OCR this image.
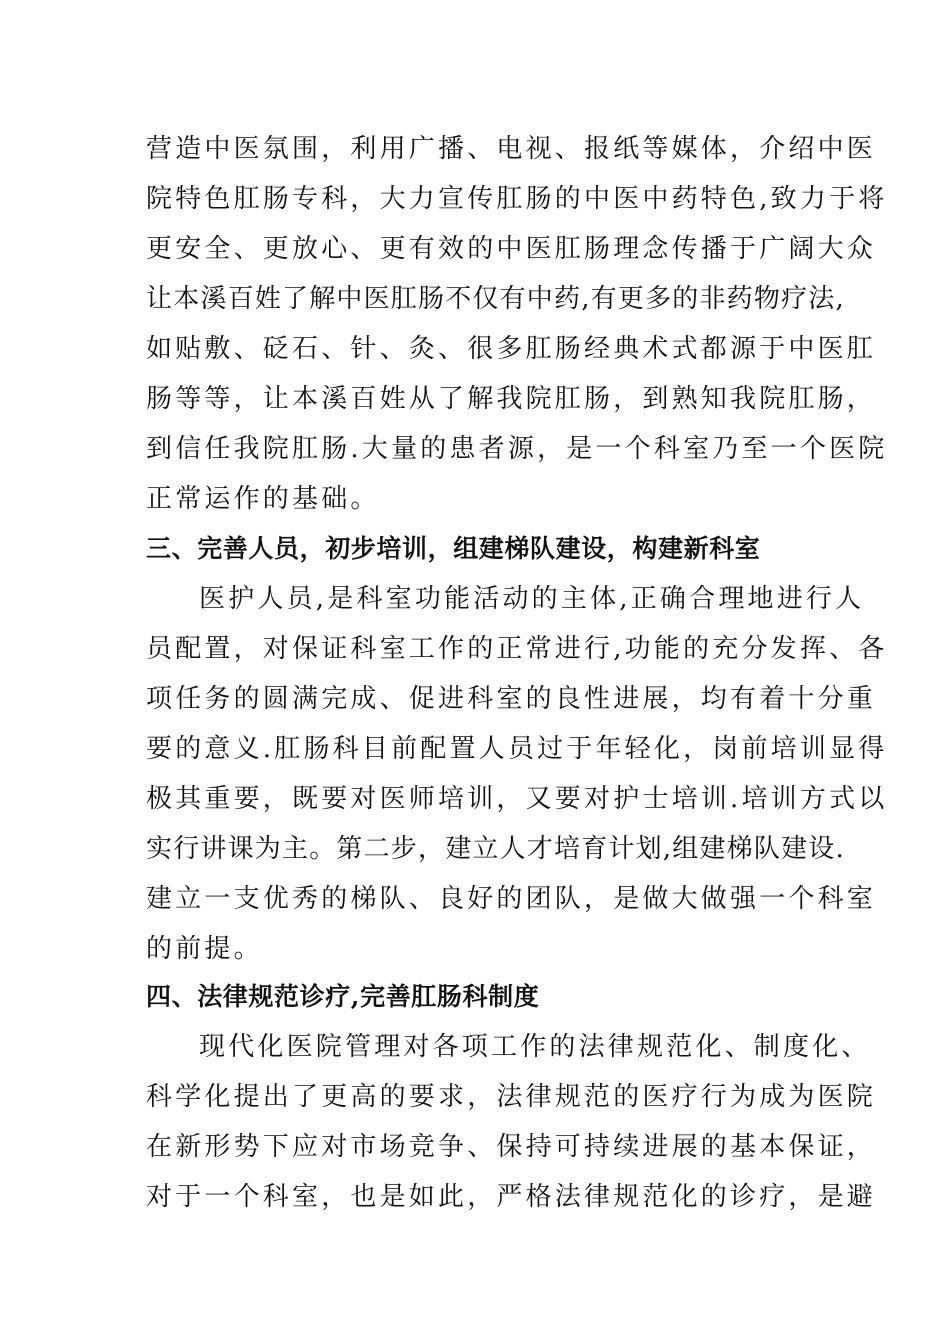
营造中医氛围，利用广播、电视、报纸等媒体，介绍中医
院特色肛肠专科，大力宣传肛肠的中医中药特色,致力于将
更安全、更放心、更有效的中医肛肠理念传播于广阔大众
让本溪百姓了解中医肛肠不仅有中药,有更多的非药物疗法,
如贴敷、砭石、针、灸、很多肛肠经典术式都源于中医肛
肠等等，让本溪百姓从了解我院肛肠，到熟知我院肛肠，
到信任我院肛肠.大量的患者源，是一个科室乃至一个医院
正常运作的基础。
三、完善人员，初步培训，组建梯队建设，构建新科室
医护人员,是科室功能活动的主体,正确合理地进行人
员配置，对保证科室工作的正常进行,功能的充分发挥、各
项任务的圆满完成、促进科室的良性进展，均有着十分重
要的意义.肛肠科目前配置人员过于年轻化，岗前培训显得
极其重要，既要对医师培训，又要对护士培训.培训方式以
实行讲课为主。第二步，建立人才培育计划,组建梯队建设.
建立一支优秀的梯队、良好的团队，是做大做强一个科室
的前提。
四、法律规范诊疗,完善肛肠科制度
现代化医院管理对各项工作的法律规范化、制度化、
科学化提出了更高的要求，法律规范的医疗行为成为医院
在新形势下应对市场竞争、保持可持续进展的基本保证，
对于一个科室，也是如此，严格法律规范化的诊疗，是避
